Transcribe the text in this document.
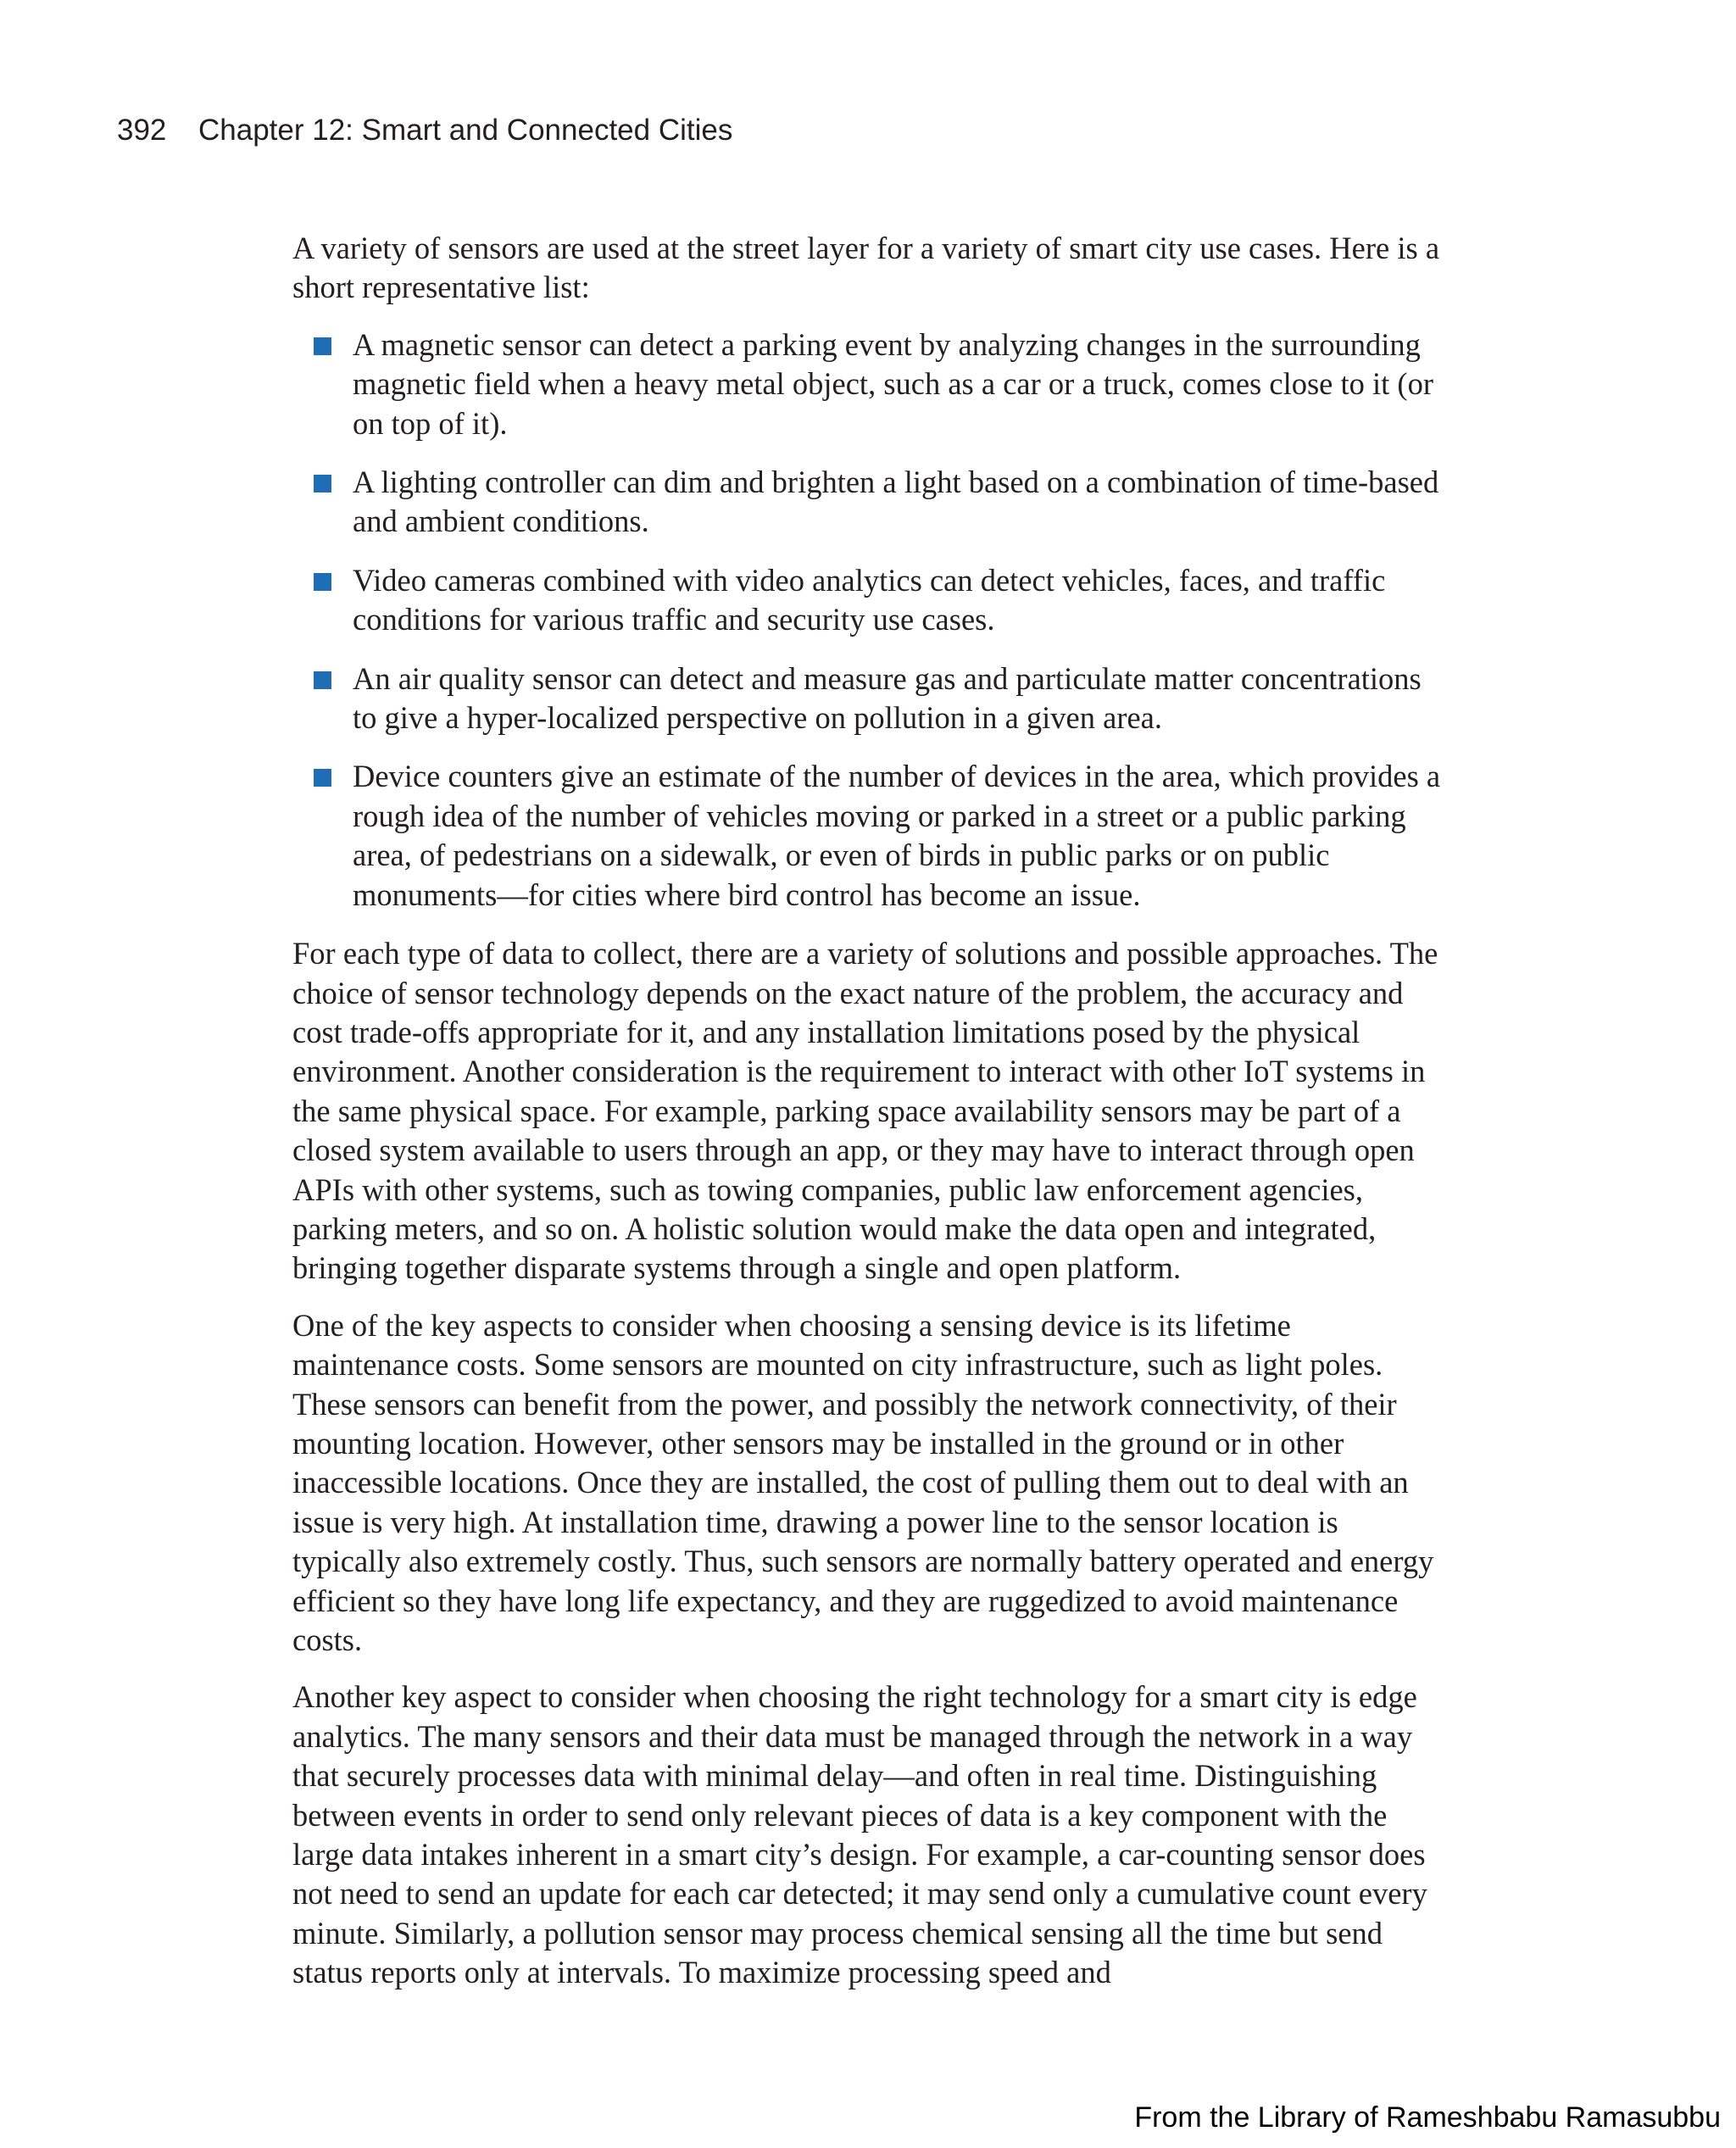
392 Chapter 12: Smart and Connected Cities

A variety of sensors are used at the street layer for a variety of smart city use cases. Here is a short representative list:

A magnetic sensor can detect a parking event by analyzing changes in the surrounding magnetic field when a heavy metal object, such as a car or a truck, comes close to it (or on top of it).
A lighting controller can dim and brighten a light based on a combination of time-based and ambient conditions.
Video cameras combined with video analytics can detect vehicles, faces, and traffic conditions for various traffic and security use cases.
An air quality sensor can detect and measure gas and particulate matter concentrations to give a hyper-localized perspective on pollution in a given area.
Device counters give an estimate of the number of devices in the area, which provides a rough idea of the number of vehicles moving or parked in a street or a public parking area, of pedestrians on a sidewalk, or even of birds in public parks or on public monuments—for cities where bird control has become an issue.

For each type of data to collect, there are a variety of solutions and possible approaches. The choice of sensor technology depends on the exact nature of the problem, the accuracy and cost trade-offs appropriate for it, and any installation limitations posed by the physical environment. Another consideration is the requirement to interact with other IoT systems in the same physical space. For example, parking space availability sensors may be part of a closed system available to users through an app, or they may have to interact through open APIs with other systems, such as towing companies, public law enforcement agencies, parking meters, and so on. A holistic solution would make the data open and integrated, bringing together disparate systems through a single and open platform.

One of the key aspects to consider when choosing a sensing device is its lifetime maintenance costs. Some sensors are mounted on city infrastructure, such as light poles. These sensors can benefit from the power, and possibly the network connectivity, of their mounting location. However, other sensors may be installed in the ground or in other inaccessible locations. Once they are installed, the cost of pulling them out to deal with an issue is very high. At installation time, drawing a power line to the sensor location is typically also extremely costly. Thus, such sensors are normally battery operated and energy efficient so they have long life expectancy, and they are ruggedized to avoid maintenance costs.

Another key aspect to consider when choosing the right technology for a smart city is edge analytics. The many sensors and their data must be managed through the network in a way that securely processes data with minimal delay—and often in real time. Distinguishing between events in order to send only relevant pieces of data is a key component with the large data intakes inherent in a smart city’s design. For example, a car-counting sensor does not need to send an update for each car detected; it may send only a cumulative count every minute. Similarly, a pollution sensor may process chemical sensing all the time but send status reports only at intervals. To maximize processing speed and

From the Library of Rameshbabu Ramasubbu
